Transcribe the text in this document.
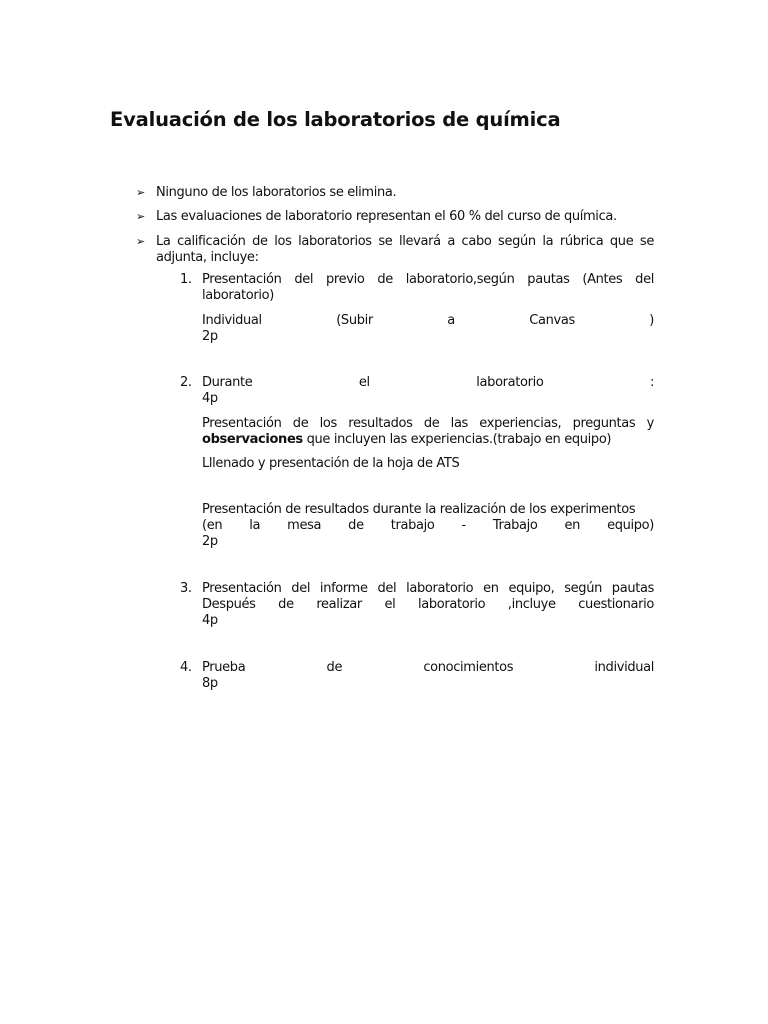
Evaluación de los laboratorios de química
➢ Ninguno de los laboratorios se elimina.
➢ Las evaluaciones de laboratorio representan el 60 % del curso de química.
➢ La calificación de los laboratorios se llevará a cabo según la rúbrica que se
adjunta, incluye:
1. Presentación del previo de laboratorio,según pautas (Antes del
laboratorio)
Individual (Subir a Canvas )
2p
2. Durante el laboratorio :
4p
Presentación de los resultados de las experiencias, preguntas y
observaciones que incluyen las experiencias.(trabajo en equipo)
Lllenado y presentación de la hoja de ATS
Presentación de resultados durante la realización de los experimentos
(en la mesa de trabajo - Trabajo en equipo)
2p
3. Presentación del informe del laboratorio en equipo, según pautas
Después de realizar el laboratorio ,incluye cuestionario
4p
4. Prueba de conocimientos individual
8p
